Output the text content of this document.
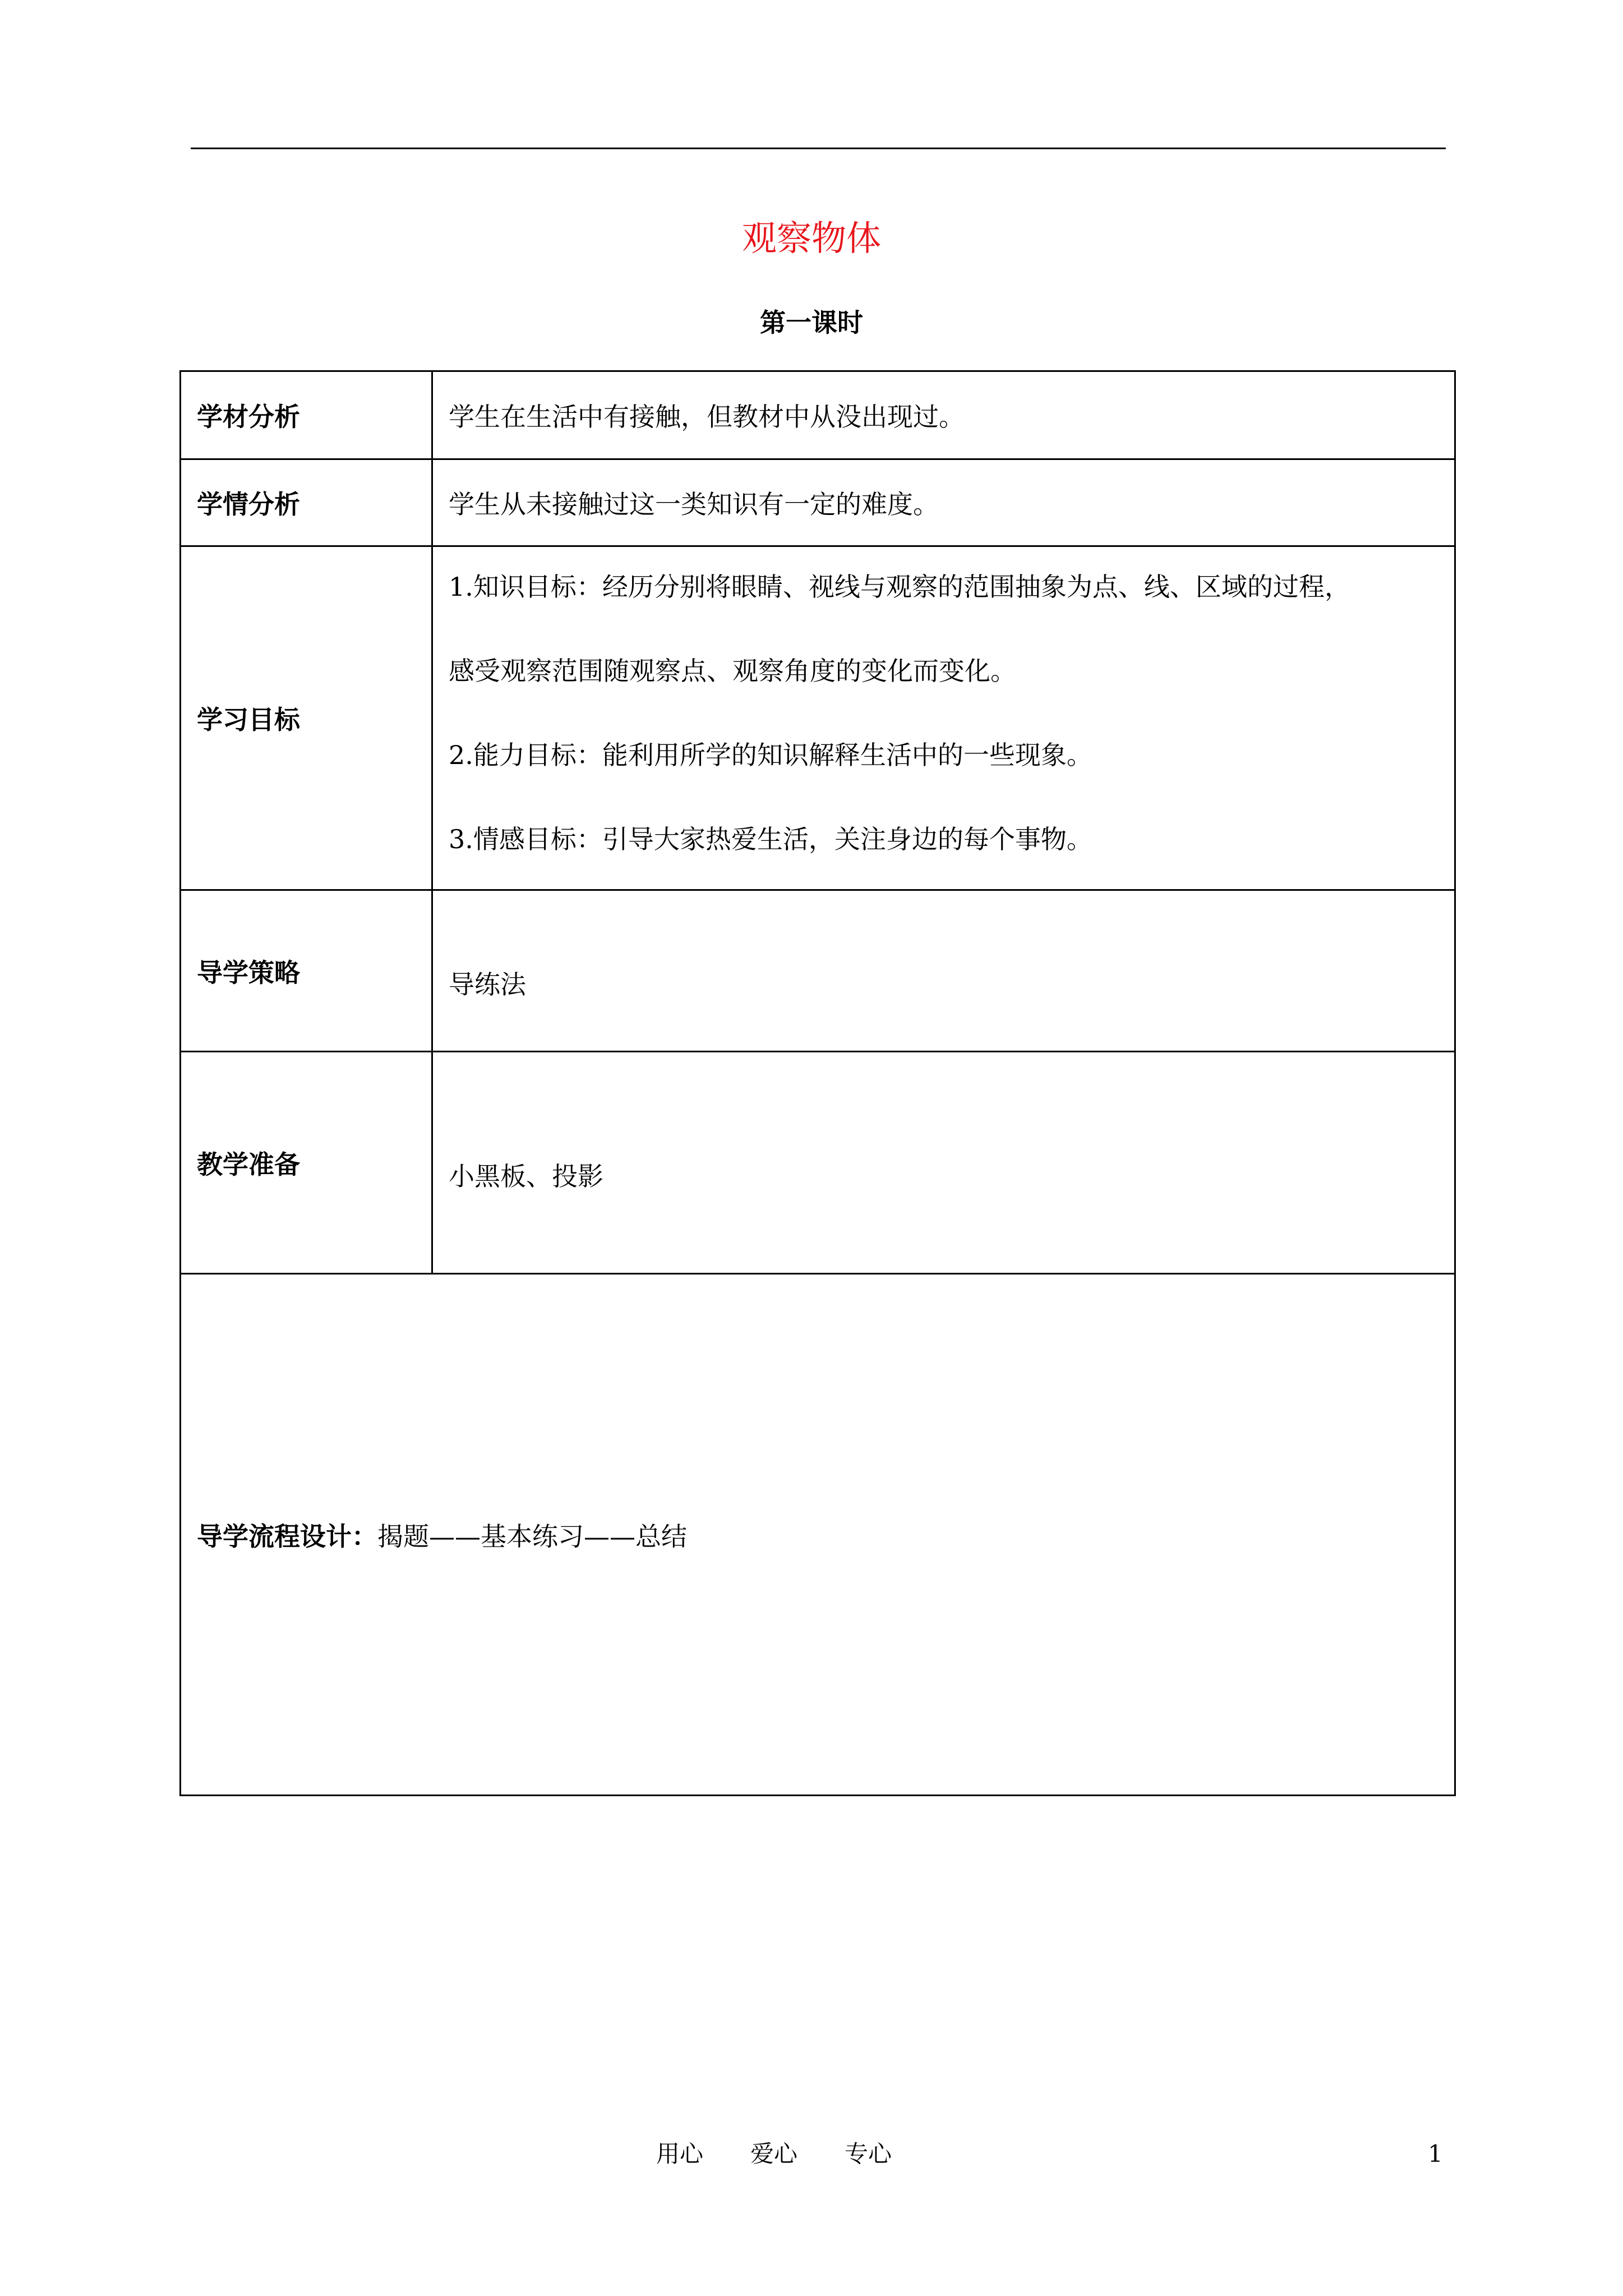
观察物体
第一课时
学材分析	学生在生活中有接触，但教材中从没出现过。
学情分析	学生从未接触过这一类知识有一定的难度。
学习目标	1.知识目标：经历分别将眼睛、视线与观察的范围抽象为点、线、区域的过程，

感受观察范围随观察点、观察角度的变化而变化。

2.能力目标：能利用所学的知识解释生活中的一些现象。

3.情感目标：引导大家热爱生活，关注身边的每个事物。

导学策略	导练法
教学准备	小黑板、投影
导学流程设计：揭题——基本练习——总结	
用心　　爱心　　专心	1
